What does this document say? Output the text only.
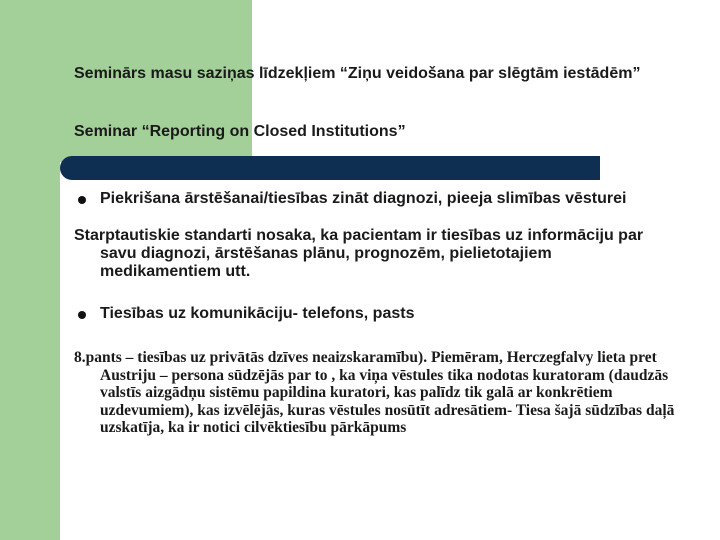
Seminārs masu saziņas līdzekļiem “Ziņu veidošana par slēgtām iestādēm”
Seminar “Reporting on Closed Institutions”
Piekrišana ārstēšanai/tiesības zināt diagnozi, pieeja slimības vēsturei
Starptautiskie standarti nosaka, ka pacientam ir tiesības uz informāciju par savu diagnozi, ārstēšanas plānu, prognozēm, pielietotajiem medikamentiem utt.
Tiesības uz komunikāciju- telefons, pasts
8.pants – tiesības uz privātās dzīves neaizskaramību). Piemēram, Herczegfalvy lieta pret Austriju – persona sūdzējās par to , ka viņa vēstules tika nodotas kuratoram (daudzās valstīs aizgādņu sistēmu papildina kuratori, kas palīdz tik galā ar konkrētiem uzdevumiem), kas izvēlējās, kuras vēstules nosūtīt adresātiem- Tiesa šajā sūdzības daļā uzskatīja, ka ir notici cilvēktiesību pārkāpums
